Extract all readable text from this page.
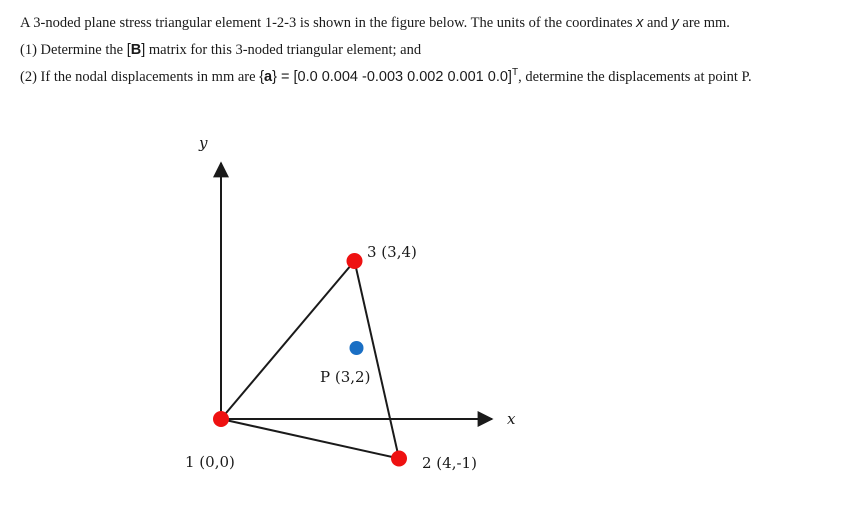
A 3-noded plane stress triangular element 1-2-3 is shown in the figure below. The units of the coordinates x and y are mm.
(1) Determine the [B] matrix for this 3-noded triangular element; and
(2) If the nodal displacements in mm are {a} = [0.0 0.004 -0.003 0.002 0.001 0.0]$^T$, determine the displacements at point P.
y
x
1 (0,0)	2 (4,-1)
3 (3,4)
P (3,2)
